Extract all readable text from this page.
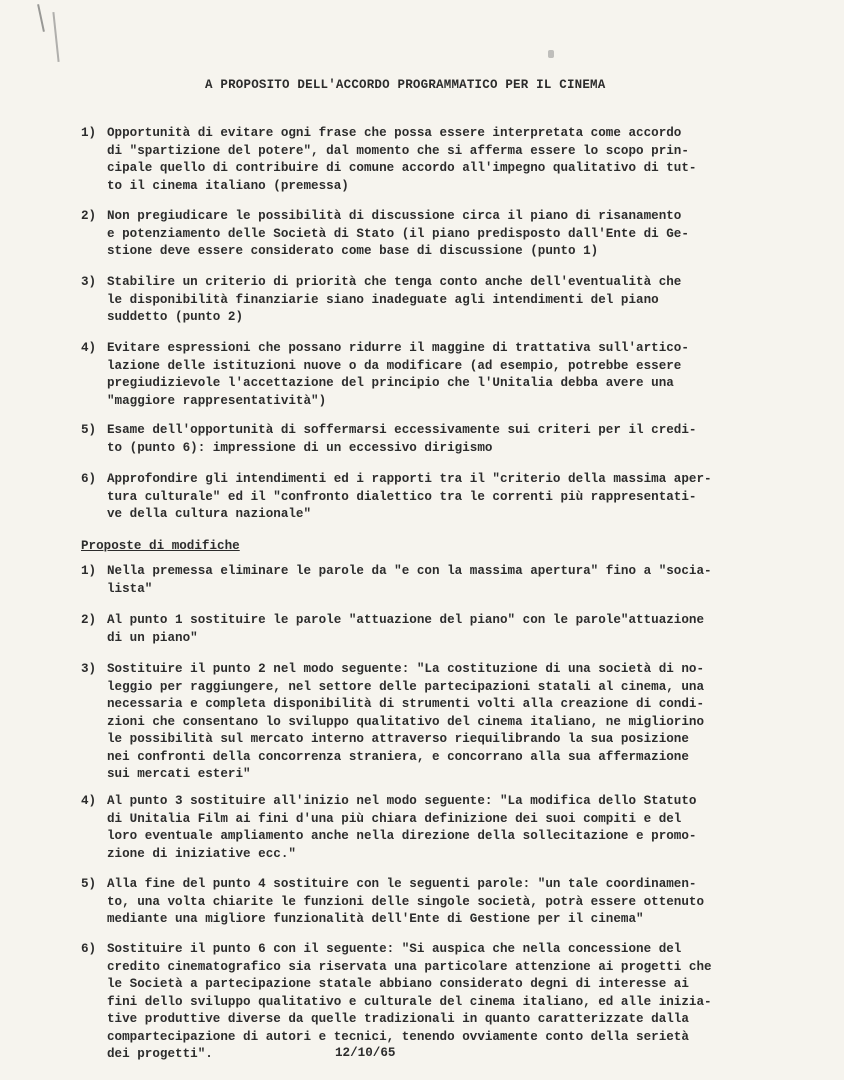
A PROPOSITO DELL'ACCORDO PROGRAMMATICO PER IL CINEMA
1) Opportunità di evitare ogni frase che possa essere interpretata come accordo
di "spartizione del potere", dal momento che si afferma essere lo scopo prin-
cipale quello di contribuire di comune accordo all'impegno qualitativo di tut-
to il cinema italiano (premessa)
2) Non pregiudicare le possibilità di discussione circa il piano di risanamento
e potenziamento delle Società di Stato (il piano predisposto dall'Ente di Ge-
stione deve essere considerato come base di discussione (punto 1)
3) Stabilire un criterio di priorità che tenga conto anche dell'eventualità che
le disponibilità finanziarie siano inadeguate agli intendimenti del piano
suddetto (punto 2)
4) Evitare espressioni che possano ridurre il maggine di trattativa sull'artico-
lazione delle istituzioni nuove o da modificare (ad esempio, potrebbe essere
pregiudizievole l'accettazione del principio che l'Unitalia debba avere una
"maggiore rappresentatività")
5) Esame dell'opportunità di soffermarsi eccessivamente sui criteri per il credi-
to (punto 6): impressione di un eccessivo dirigismo
6) Approfondire gli intendimenti ed i rapporti tra il "criterio della massima aper-
tura culturale" ed il "confronto dialettico tra le correnti più rappresentati-
ve della cultura nazionale"
Proposte di modifiche
1) Nella premessa eliminare le parole da "e con la massima apertura" fino a "socia-
lista"
2) Al punto 1 sostituire le parole "attuazione del piano" con le parole"attuazione
di un piano"
3) Sostituire il punto 2 nel modo seguente: "La costituzione di una società di no-
leggio per raggiungere, nel settore delle partecipazioni statali al cinema, una
necessaria e completa disponibilità di strumenti volti alla creazione di condi-
zioni che consentano lo sviluppo qualitativo del cinema italiano, ne migliorino
le possibilità sul mercato interno attraverso riequilibrando la sua posizione
nei confronti della concorrenza straniera, e concorrano alla sua affermazione
sui mercati esteri"
4) Al punto 3 sostituire all'inizio nel modo seguente: "La modifica dello Statuto
di Unitalia Film ai fini d'una più chiara definizione dei suoi compiti e del
loro eventuale ampliamento anche nella direzione della sollecitazione e promo-
zione di iniziative ecc."
5) Alla fine del punto 4 sostituire con le seguenti parole: "un tale coordinamen-
to, una volta chiarite le funzioni delle singole società, potrà essere ottenuto
mediante una migliore funzionalità dell'Ente di Gestione per il cinema"
6) Sostituire il punto 6 con il seguente: "Si auspica che nella concessione del
credito cinematografico sia riservata una particolare attenzione ai progetti che
le Società a partecipazione statale abbiano considerato degni di interesse ai
fini dello sviluppo qualitativo e culturale del cinema italiano, ed alle inizia-
tive produttive diverse da quelle tradizionali in quanto caratterizzate dalla
compartecipazione di autori e tecnici, tenendo ovviamente conto della serietà
dei progetti".	12/10/65
